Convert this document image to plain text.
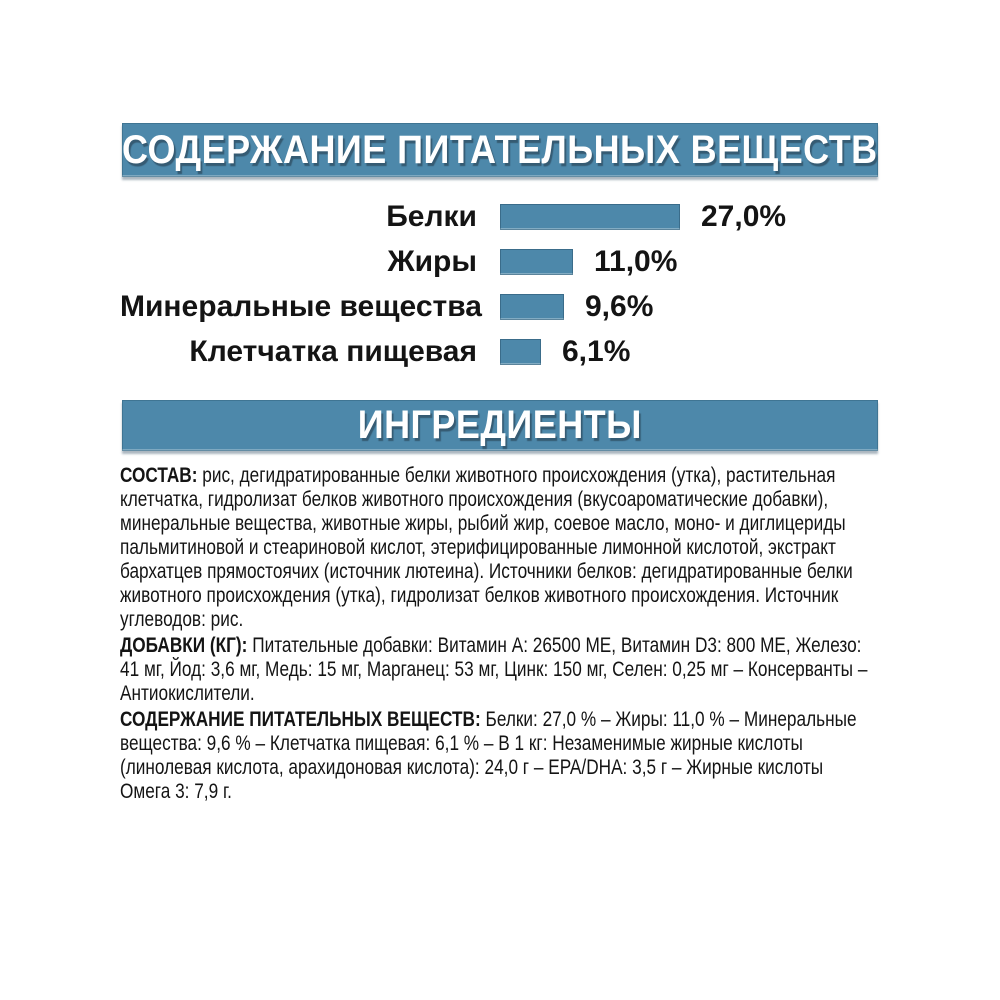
СОДЕРЖАНИЕ ПИТАТЕЛЬНЫХ ВЕЩЕСТВ
Белки	27,0%
Жиры	11,0%
Минеральные вещества	9,6%
Клетчатка пищевая	6,1%
ИНГРЕДИЕНТЫ
СОСТАВ: рис, дегидратированные белки животного происхождения (утка), растительная
клетчатка, гидролизат белков животного происхождения (вкусоароматические добавки),
минеральные вещества, животные жиры, рыбий жир, соевое масло, моно- и диглицериды
пальмитиновой и стеариновой кислот, этерифицированные лимонной кислотой, экстракт
бархатцев прямостоячих (источник лютеина). Источники белков: дегидратированные белки
животного происхождения (утка), гидролизат белков животного происхождения. Источник
углеводов: рис.
ДОБАВКИ (КГ): Питательные добавки: Витамин А: 26500 МЕ, Витамин D3: 800 МЕ, Железо:
41 мг, Йод: 3,6 мг, Медь: 15 мг, Марганец: 53 мг, Цинк: 150 мг, Селен: 0,25 мг – Консерванты –
Антиокислители.
СОДЕРЖАНИЕ ПИТАТЕЛЬНЫХ ВЕЩЕСТВ: Белки: 27,0 % – Жиры: 11,0 % – Минеральные
вещества: 9,6 % – Клетчатка пищевая: 6,1 % – В 1 кг: Незаменимые жирные кислоты
(линолевая кислота, арахидоновая кислота): 24,0 г – EPA/DHA: 3,5 г – Жирные кислоты
Омега 3: 7,9 г.
